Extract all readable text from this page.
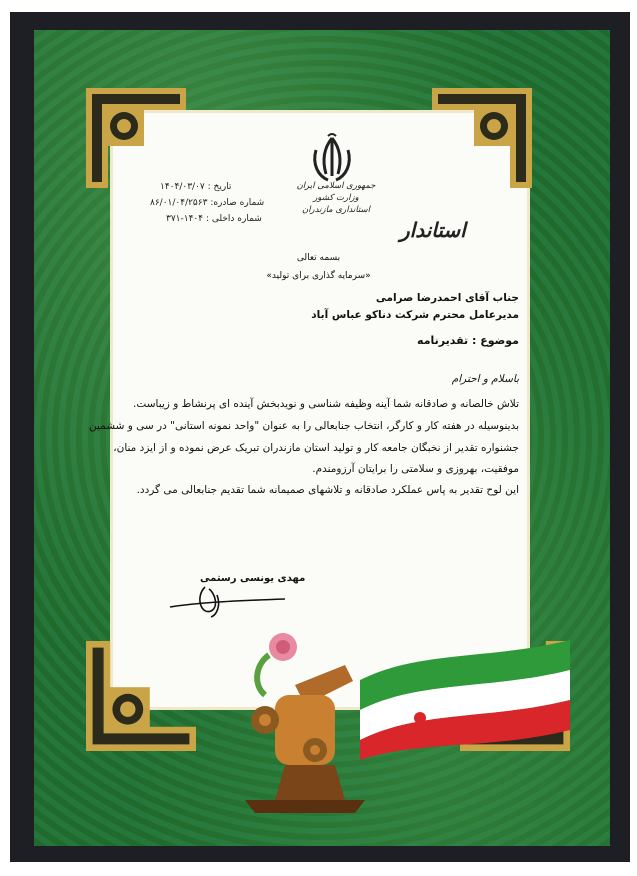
جمهوری اسلامی ایران
وزارت کشور
استانداری مازندران
استاندار
تاریخ : ۱۴۰۴/۰۳/۰۷
شماره صادره: ۸۶/۰۱/۰۴/۲۵۶۳
شماره داخلی : ۱۴۰۴-۳۷۱
بسمه تعالی
«سرمایه گذاری برای تولید»
جناب آقای احمدرضا صرامی
مدیرعامل محترم شرکت دناکو عباس آباد
موضوع : تقدیرنامه
باسلام و احترام
تلاش خالصانه و صادقانه شما آینه وظیفه شناسی و نویدبخش آینده ای پرنشاط و زیباست.
بدینوسیله در هفته کار و کارگر، انتخاب جنابعالی را به عنوان "واحد نمونه استانی" در سی و ششمین
جشنواره تقدیر از نخبگان جامعه کار و تولید استان مازندران تبریک عرض نموده و از ایزد منان،
موفقیت، بهروزی و سلامتی را برایتان آرزومندم.
این لوح تقدیر به پاس عملکرد صادقانه و تلاشهای صمیمانه شما تقدیم جنابعالی می گردد.
مهدی یونسی رستمی
